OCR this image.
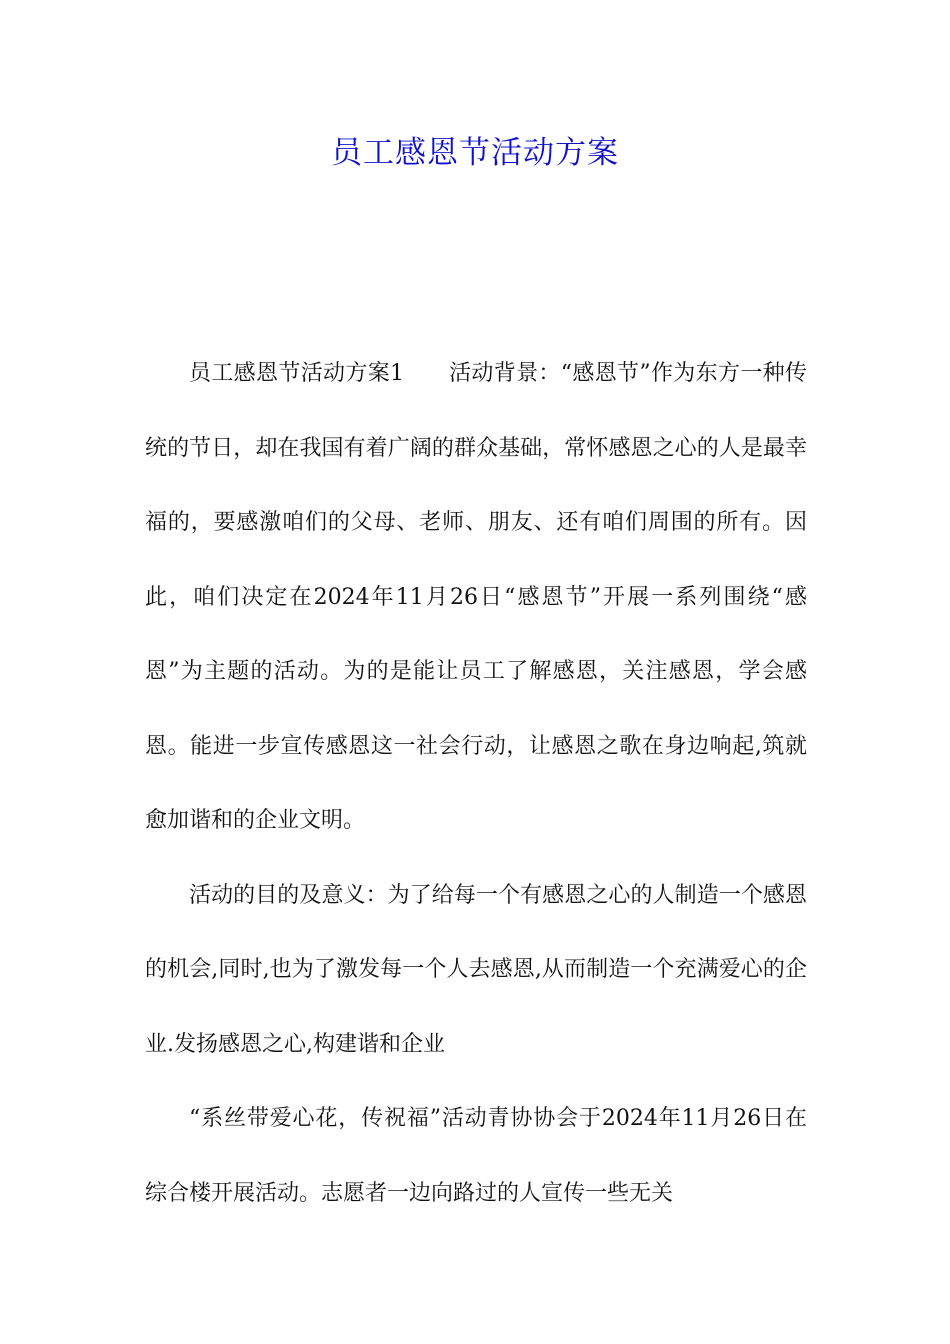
员工感恩节活动方案

员工感恩节活动方案1　　活动背景：“感恩节”作为东方一种传统的节日，却在我国有着广阔的群众基础，常怀感恩之心的人是最幸福的，要感激咱们的父母、老师、朋友、还有咱们周围的所有。因此，咱们决定在2024年11月26日“感恩节”开展一系列围绕“感恩”为主题的活动。为的是能让员工了解感恩，关注感恩，学会感恩。能进一步宣传感恩这一社会行动，让感恩之歌在身边响起,筑就愈加谐和的企业文明。

活动的目的及意义：为了给每一个有感恩之心的人制造一个感恩的机会,同时,也为了激发每一个人去感恩,从而制造一个充满爱心的企业.发扬感恩之心,构建谐和企业

“系丝带爱心花，传祝福”活动青协协会于2024年11月26日在综合楼开展活动。志愿者一边向路过的人宣传一些无关
